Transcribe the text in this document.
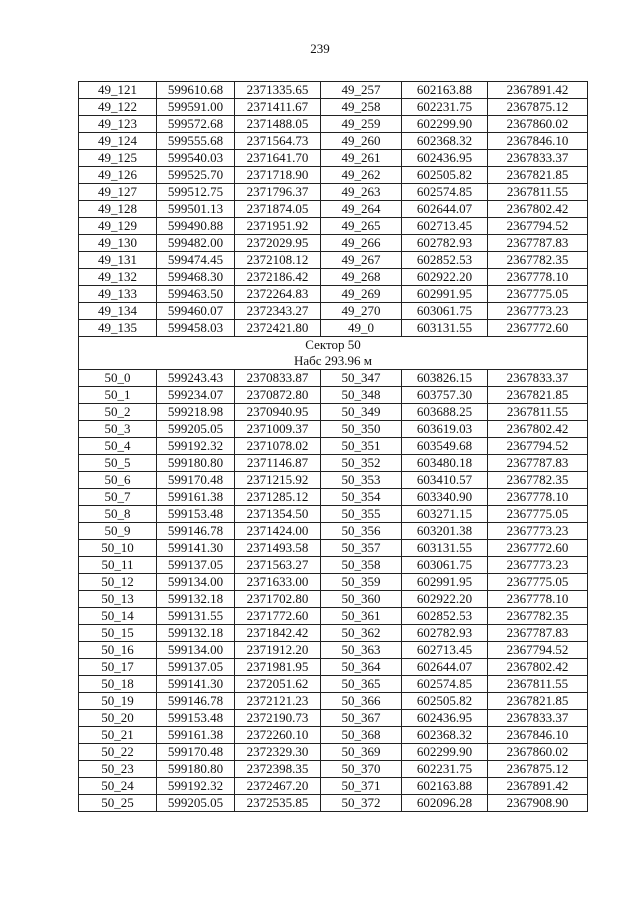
239
49_121	599610.68	2371335.65	49_257	602163.88	2367891.42
49_122	599591.00	2371411.67	49_258	602231.75	2367875.12
49_123	599572.68	2371488.05	49_259	602299.90	2367860.02
49_124	599555.68	2371564.73	49_260	602368.32	2367846.10
49_125	599540.03	2371641.70	49_261	602436.95	2367833.37
49_126	599525.70	2371718.90	49_262	602505.82	2367821.85
49_127	599512.75	2371796.37	49_263	602574.85	2367811.55
49_128	599501.13	2371874.05	49_264	602644.07	2367802.42
49_129	599490.88	2371951.92	49_265	602713.45	2367794.52
49_130	599482.00	2372029.95	49_266	602782.93	2367787.83
49_131	599474.45	2372108.12	49_267	602852.53	2367782.35
49_132	599468.30	2372186.42	49_268	602922.20	2367778.10
49_133	599463.50	2372264.83	49_269	602991.95	2367775.05
49_134	599460.07	2372343.27	49_270	603061.75	2367773.23
49_135	599458.03	2372421.80	49_0	603131.55	2367772.60
Сектор 50					
Набс 293.96 м					
50_0	599243.43	2370833.87	50_347	603826.15	2367833.37
50_1	599234.07	2370872.80	50_348	603757.30	2367821.85
50_2	599218.98	2370940.95	50_349	603688.25	2367811.55
50_3	599205.05	2371009.37	50_350	603619.03	2367802.42
50_4	599192.32	2371078.02	50_351	603549.68	2367794.52
50_5	599180.80	2371146.87	50_352	603480.18	2367787.83
50_6	599170.48	2371215.92	50_353	603410.57	2367782.35
50_7	599161.38	2371285.12	50_354	603340.90	2367778.10
50_8	599153.48	2371354.50	50_355	603271.15	2367775.05
50_9	599146.78	2371424.00	50_356	603201.38	2367773.23
50_10	599141.30	2371493.58	50_357	603131.55	2367772.60
50_11	599137.05	2371563.27	50_358	603061.75	2367773.23
50_12	599134.00	2371633.00	50_359	602991.95	2367775.05
50_13	599132.18	2371702.80	50_360	602922.20	2367778.10
50_14	599131.55	2371772.60	50_361	602852.53	2367782.35
50_15	599132.18	2371842.42	50_362	602782.93	2367787.83
50_16	599134.00	2371912.20	50_363	602713.45	2367794.52
50_17	599137.05	2371981.95	50_364	602644.07	2367802.42
50_18	599141.30	2372051.62	50_365	602574.85	2367811.55
50_19	599146.78	2372121.23	50_366	602505.82	2367821.85
50_20	599153.48	2372190.73	50_367	602436.95	2367833.37
50_21	599161.38	2372260.10	50_368	602368.32	2367846.10
50_22	599170.48	2372329.30	50_369	602299.90	2367860.02
50_23	599180.80	2372398.35	50_370	602231.75	2367875.12
50_24	599192.32	2372467.20	50_371	602163.88	2367891.42
50_25	599205.05	2372535.85	50_372	602096.28	2367908.90
